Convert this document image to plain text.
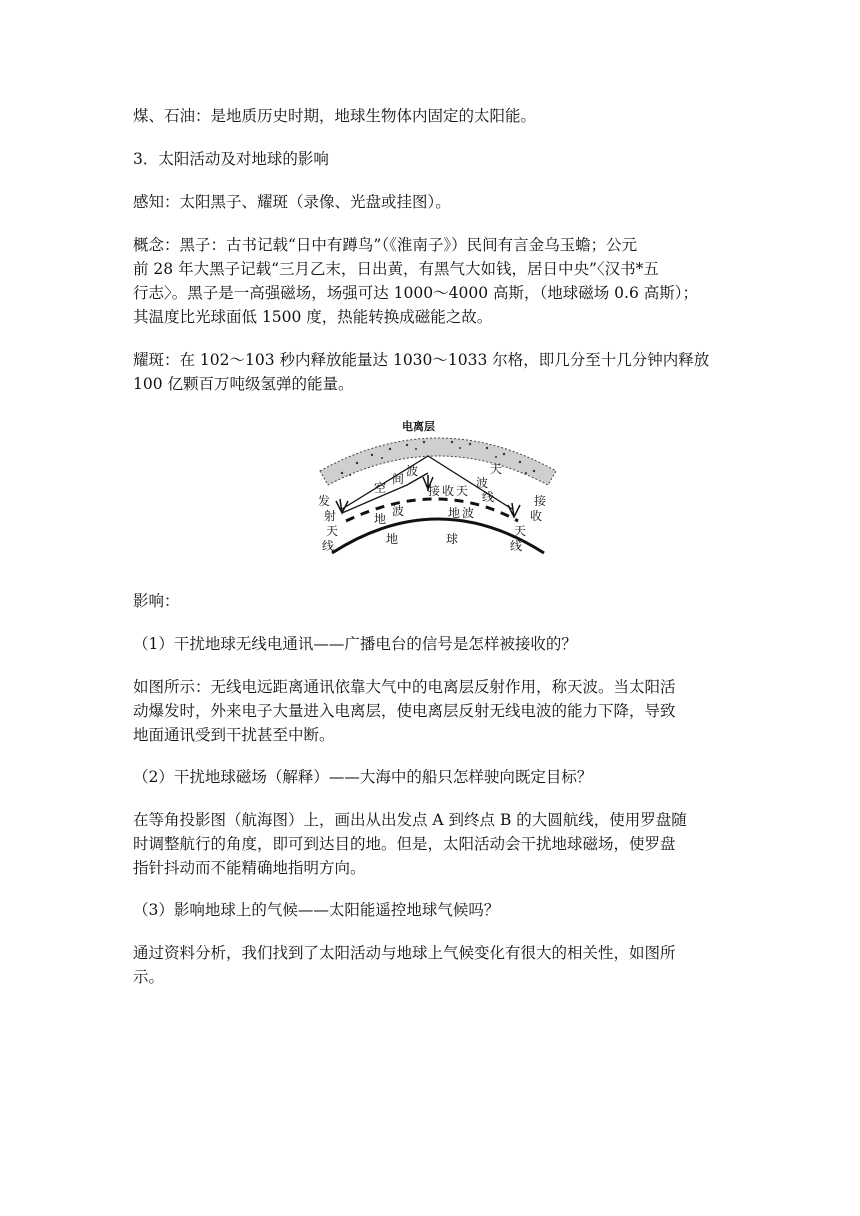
煤、石油：是地质历史时期，地球生物体内固定的太阳能。

3．太阳活动及对地球的影响

感知：太阳黑子、耀斑（录像、光盘或挂图）。

概念：黑子：古书记载“日中有蹲鸟”（《淮南子》）民间有言金乌玉蟾；公元
前 28 年大黑子记载“三月乙末，日出黄，有黑气大如钱，居日中央”〈汉书*五
行志〉。黑子是一高强磁场，场强可达 1000～4000 高斯，（地球磁场 0.6 高斯）；
其温度比光球面低 1500 度，热能转换成磁能之故。
耀斑：在 102～103 秒内释放能量达 1030～1033 尔格，即几分至十几分钟内释放
100 亿颗百万吨级氢弹的能量。
电离层
发
射
天
线
空
间
波	天
波
线
接 收 天
接
收
天
线
地
波	地 波
地	球

影响：

（1）干扰地球无线电通讯——广播电台的信号是怎样被接收的？

如图所示：无线电远距离通讯依靠大气中的电离层反射作用，称天波。当太阳活
动爆发时，外来电子大量进入电离层，使电离层反射无线电波的能力下降，导致
地面通讯受到干扰甚至中断。

（2）干扰地球磁场（解释）——大海中的船只怎样驶向既定目标？

在等角投影图（航海图）上，画出从出发点 A 到终点 B 的大圆航线，使用罗盘随
时调整航行的角度，即可到达目的地。但是，太阳活动会干扰地球磁场，使罗盘
指针抖动而不能精确地指明方向。

（3）影响地球上的气候——太阳能遥控地球气候吗？

通过资料分析，我们找到了太阳活动与地球上气候变化有很大的相关性，如图所
示。
